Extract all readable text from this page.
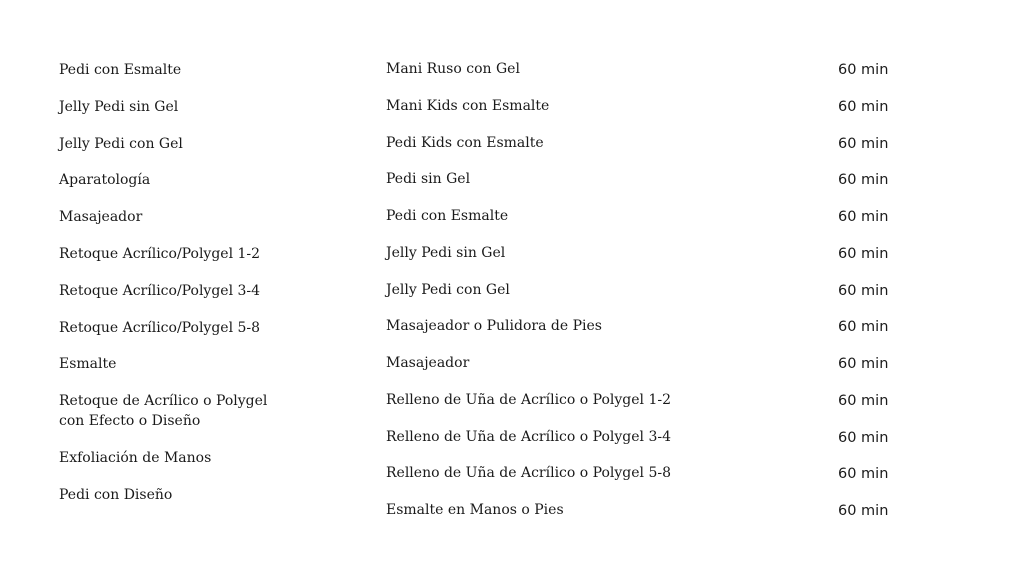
Pedi con Esmalte
Jelly Pedi sin Gel
Jelly Pedi con Gel
Aparatología
Masajeador
Retoque Acrílico/Polygel 1-2
Retoque Acrílico/Polygel 3-4
Retoque Acrílico/Polygel 5-8
Esmalte
Retoque de Acrílico o Polygel
con Efecto o Diseño
Exfoliación de Manos
Pedi con Diseño
Mani Ruso con Gel	60 min
Mani Kids con Esmalte	60 min
Pedi Kids con Esmalte	60 min
Pedi sin Gel	60 min
Pedi con Esmalte	60 min
Jelly Pedi sin Gel	60 min
Jelly Pedi con Gel	60 min
Masajeador o Pulidora de Pies	60 min
Masajeador	60 min
Relleno de Uña de Acrílico o Polygel 1-2	60 min
Relleno de Uña de Acrílico o Polygel 3-4	60 min
Relleno de Uña de Acrílico o Polygel 5-8	60 min
Esmalte en Manos o Pies	60 min
